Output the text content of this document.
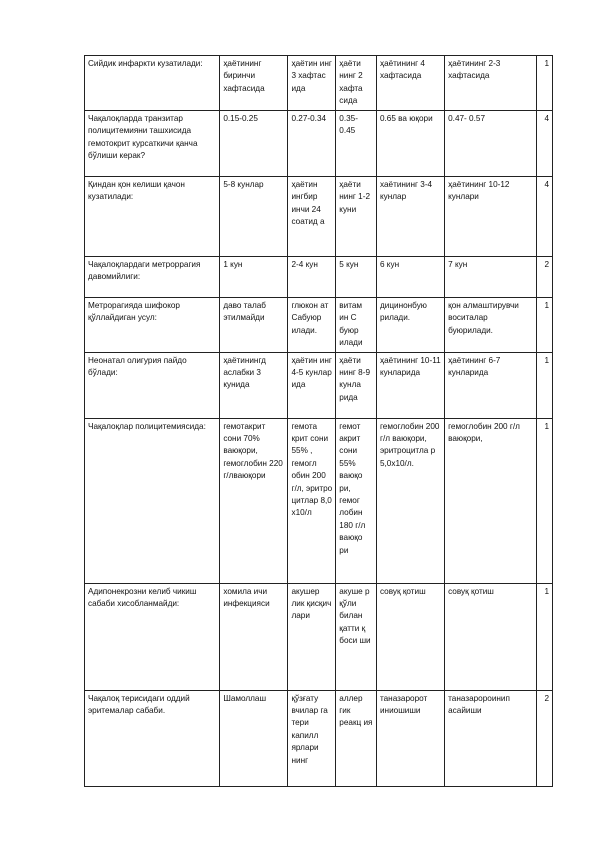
Сийдик инфаркти кузатилади:	ҳаётининг биринчи хафтасида	ҳаётин инг 3 хафтас ида	ҳаёти нинг 2 хафта сида	ҳаётининг 4 хафтасида	ҳаётининг 2-3 хафтасида	1
Чақалоқларда транзитар полицитемияни ташхисида гемотокрит курсаткичи қанча бўлиши керак?	0.15-0.25	0.27-0.34	0.35-0.45	0.65 ва юқори	0.47- 0.57	4
Қиндан қон келиши қачон кузатилади:	5-8 кунлар	ҳаётин ингбир инчи 24 соатид а	ҳаёти нинг 1-2 куни	хаётининг 3-4 кунлар	ҳаётининг 10-12 кунлари	4
Чақалоқлардаги метроррагия давомийлиги:	1 кун	2-4 кун	5 кун	6 кун	7 кун	2
Метрорагияда шифокор қўллайдиган усул:	даво талаб этилмайди	глюкон ат Сабуюр илади.	витам ин С буюр илади	дицинонбую рилади.	қон алмаштирувчи воситалар буюрилади.	1
Неонатал олигурия пайдо бўлади:	ҳаётинингд аслабки 3 кунида	ҳаётин инг 4-5 кунлар ида	ҳаёти нинг 8-9 кунла рида	ҳаётининг 10-11 кунларида	ҳаётининг 6-7 кунларида	1
Чақалоқлар полицитемиясида:	гемотакрит сони 70% ваюқори, гемоглобин 220 г/лваюқори	гемота крит сони 55% , гемогл обин 200 г/л, эритро цитлар 8,0 х10/л	гемот акрит сони 55% ваюқо ри, гемог лобин 180 г/л ваюқо ри	гемоглобин 200 г/л ваюқори, эритроцитла р 5,0х10/л.	гемоглобин 200 г/л ваюқори,	1
Адипонекрозни келиб чикиш сабаби хисобланмайди:	хомила ичи инфекцияси	акушер лик қисқич лари	акуше р қўли билан қатти қ боси ши	совуқ қотиш	совуқ қотиш	1
Чақалоқ терисидаги оддий эритемалар сабаби.	Шамоллаш	қўзғату вчилар га тери капилл ярлари нинг	аллер гик реакц ия	таназаророт иниошиши	таназаророинип асайиши	2
